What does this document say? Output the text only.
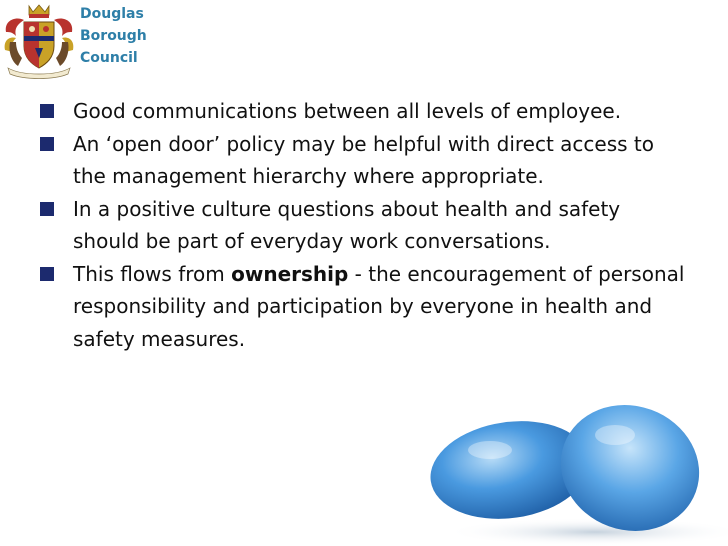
Douglas
Borough
Council
Good communications between all levels of employee.
An ‘open door’ policy may be helpful with direct access to the management hierarchy where appropriate.
In a positive culture questions about health and safety should be part of everyday work conversations.
This flows from ownership - the encouragement of personal responsibility and participation by everyone in health and safety measures.
